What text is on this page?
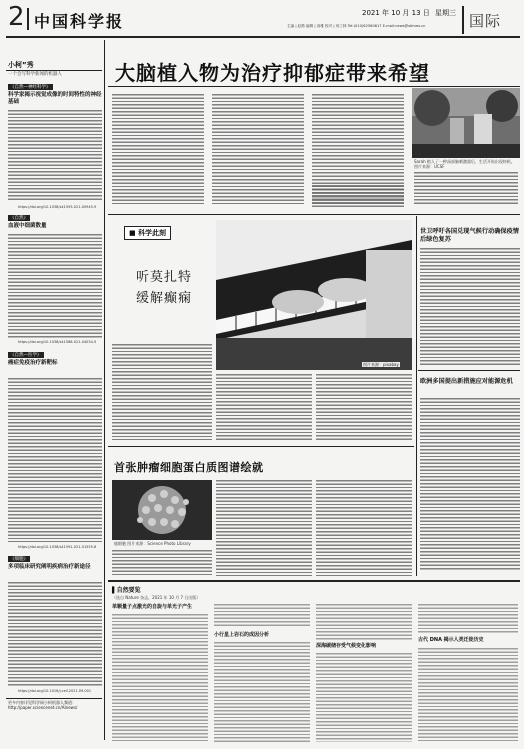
2 中国科学报	2021 年 10 月 13 日 星期三
主编 | 赵路 编辑 | 高雅 校对 | 何工林 Tel:(010)62580617 E-mail:news@stimes.cn	国际
小柯”秀
一个会写科学新闻的机器人
《自然—神经科学》
科学家揭示视觉成像的时间特性的神经基础
https://doi.org/10.1038/s41593-021-00945-9
《自然》
血液中细菌数量
https://doi.org/10.1038/s41586-021-04034-5
《自然—医学》
癌症免疫治疗新靶标
https://doi.org/10.1038/s41591-021-01555-8
《细胞》
多项临床研究阐明疾病治疗新途径
https://doi.org/10.1016/j.cell.2021.09.001
更多内容详见科学网小柯机器人频道：http://paper.sciencenet.cn/AInews/
大脑植入物为治疗抑郁症带来希望
Sarah 植入了一种深部脑刺激器后，生活开始出现转机。图片来源：UCSF
■ 科学此刻
听莫扎特
缓解癫痫
图片来源：pixabay
世卫呼吁各国兑现气候行动确保疫情后绿色复苏
欧洲多国提出新措施应对能源危机
首张肿瘤细胞蛋白质图谱绘就
癌细胞 图片来源：Science Photo Library
▌自然要览
（选自 Nature 杂志，2021 年 10 月 7 日出版）
单颗量子点激光的自旋与单光子产生
小行星上岩石的成因分析
深海碳储存受气候变化影响
古代 DNA 揭示人类迁徙历史
